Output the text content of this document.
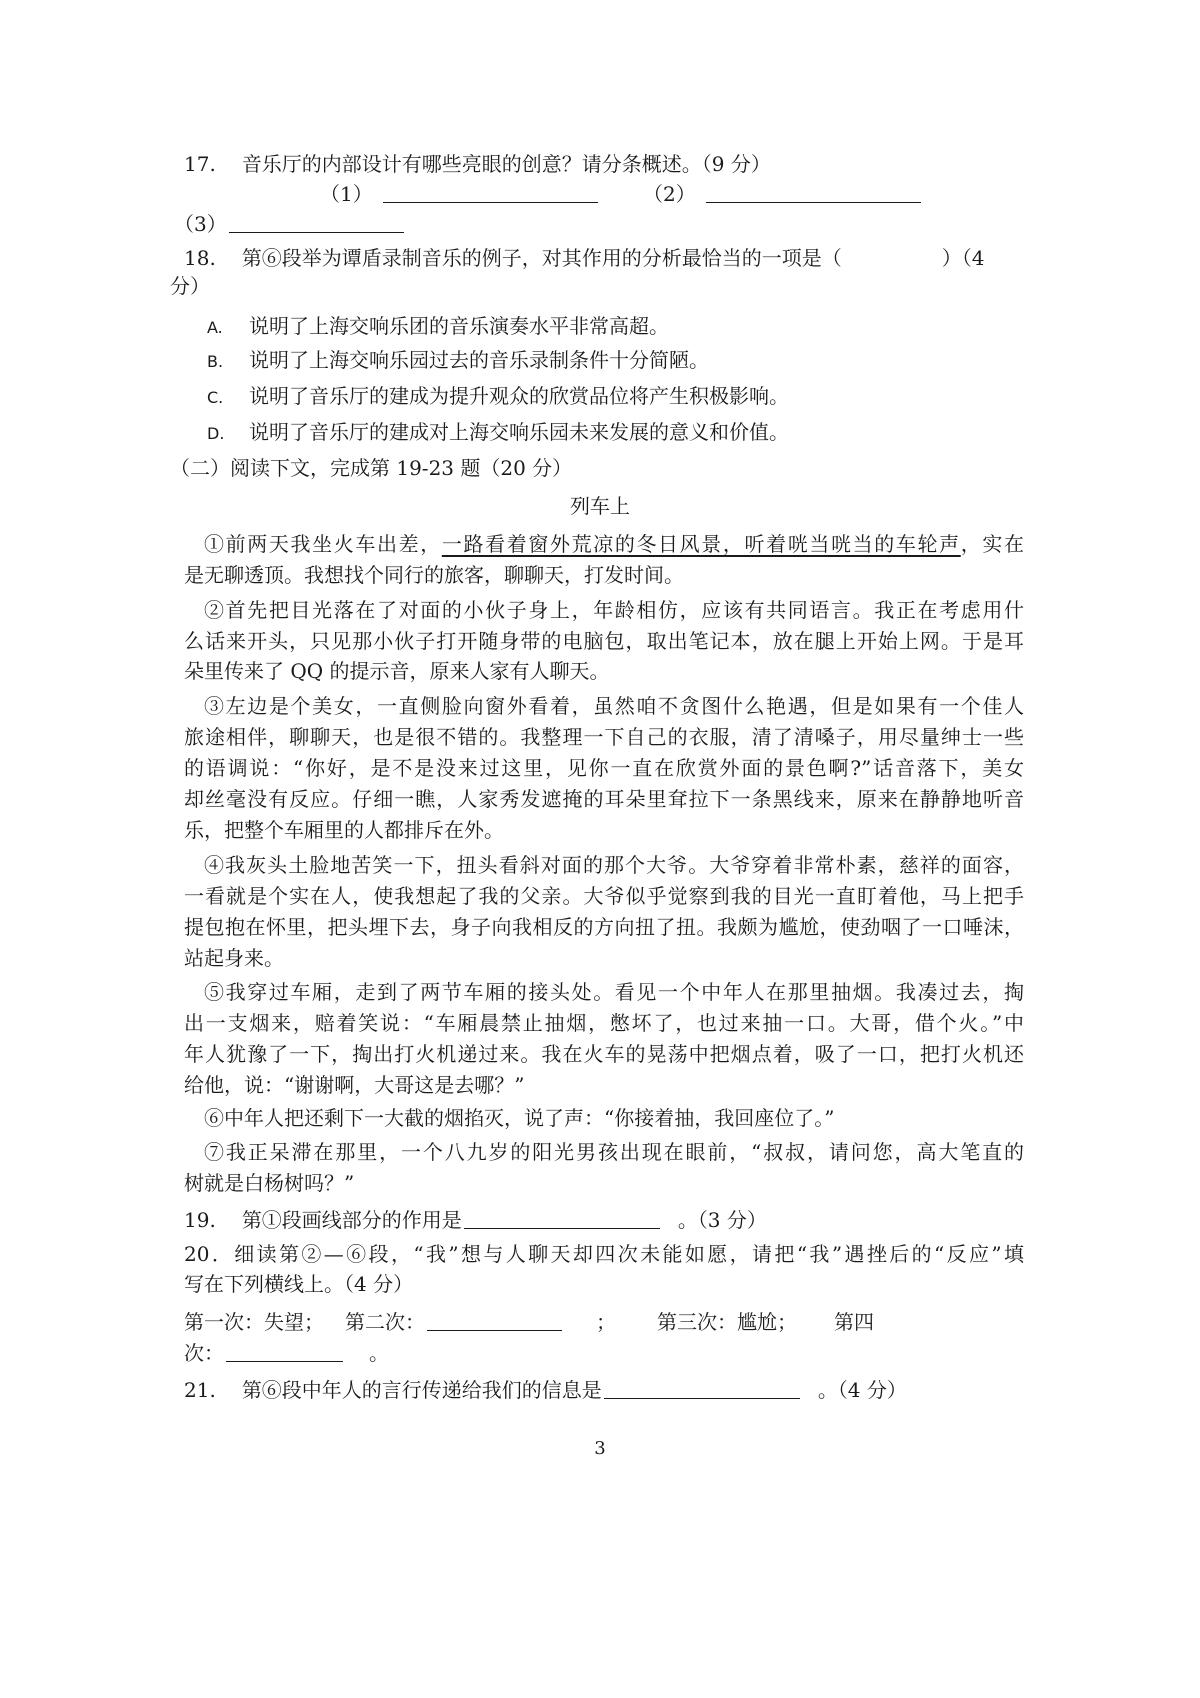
17. 音乐厅的内部设计有哪些亮眼的创意？请分条概述。（9 分）
（1）	（2）
（3）
18. 第⑥段举为谭盾录制音乐的例子，对其作用的分析最恰当的一项是（　　　　　）（4
分）
A. 说明了上海交响乐团的音乐演奏水平非常高超。
B. 说明了上海交响乐园过去的音乐录制条件十分简陋。
C. 说明了音乐厅的建成为提升观众的欣赏品位将产生积极影响。
D. 说明了音乐厅的建成对上海交响乐园未来发展的意义和价值。
（二）阅读下文，完成第 19-23 题（20 分）
列车上
①前两天我坐火车出差，一路看着窗外荒凉的冬日风景，听着咣当咣当的车轮声，实在
是无聊透顶。我想找个同行的旅客，聊聊天，打发时间。
②首先把目光落在了对面的小伙子身上，年龄相仿，应该有共同语言。我正在考虑用什
么话来开头，只见那小伙子打开随身带的电脑包，取出笔记本，放在腿上开始上网。于是耳
朵里传来了 QQ 的提示音，原来人家有人聊天。
③左边是个美女，一直侧脸向窗外看着，虽然咱不贪图什么艳遇，但是如果有一个佳人
旅途相伴，聊聊天，也是很不错的。我整理一下自己的衣服，清了清嗓子，用尽量绅士一些
的语调说：“你好，是不是没来过这里，见你一直在欣赏外面的景色啊?”话音落下，美女
却丝毫没有反应。仔细一瞧，人家秀发遮掩的耳朵里耷拉下一条黑线来，原来在静静地听音
乐，把整个车厢里的人都排斥在外。
④我灰头土脸地苦笑一下，扭头看斜对面的那个大爷。大爷穿着非常朴素，慈祥的面容，
一看就是个实在人，使我想起了我的父亲。大爷似乎觉察到我的目光一直盯着他，马上把手
提包抱在怀里，把头埋下去，身子向我相反的方向扭了扭。我颇为尴尬，使劲咽了一口唾沫，
站起身来。
⑤我穿过车厢，走到了两节车厢的接头处。看见一个中年人在那里抽烟。我凑过去，掏
出一支烟来，赔着笑说：“车厢晨禁止抽烟，憋坏了，也过来抽一口。大哥，借个火。”中
年人犹豫了一下，掏出打火机递过来。我在火车的晃荡中把烟点着，吸了一口，把打火机还
给他，说：“谢谢啊，大哥这是去哪？”
⑥中年人把还剩下一大截的烟掐灭，说了声：“你接着抽，我回座位了。”
⑦我正呆滞在那里，一个八九岁的阳光男孩出现在眼前，“叔叔，请问您，高大笔直的
树就是白杨树吗？”
19. 第①段画线部分的作用是	。（3 分）
20．细读第②—⑥段，“我”想与人聊天却四次未能如愿，请把“我”遇挫后的“反应”填
写在下列横线上。（4 分）
第一次：失望； 第二次：	； 第三次：尴尬； 第四
次：	。
21. 第⑥段中年人的言行传递给我们的信息是	。（4 分）
3
